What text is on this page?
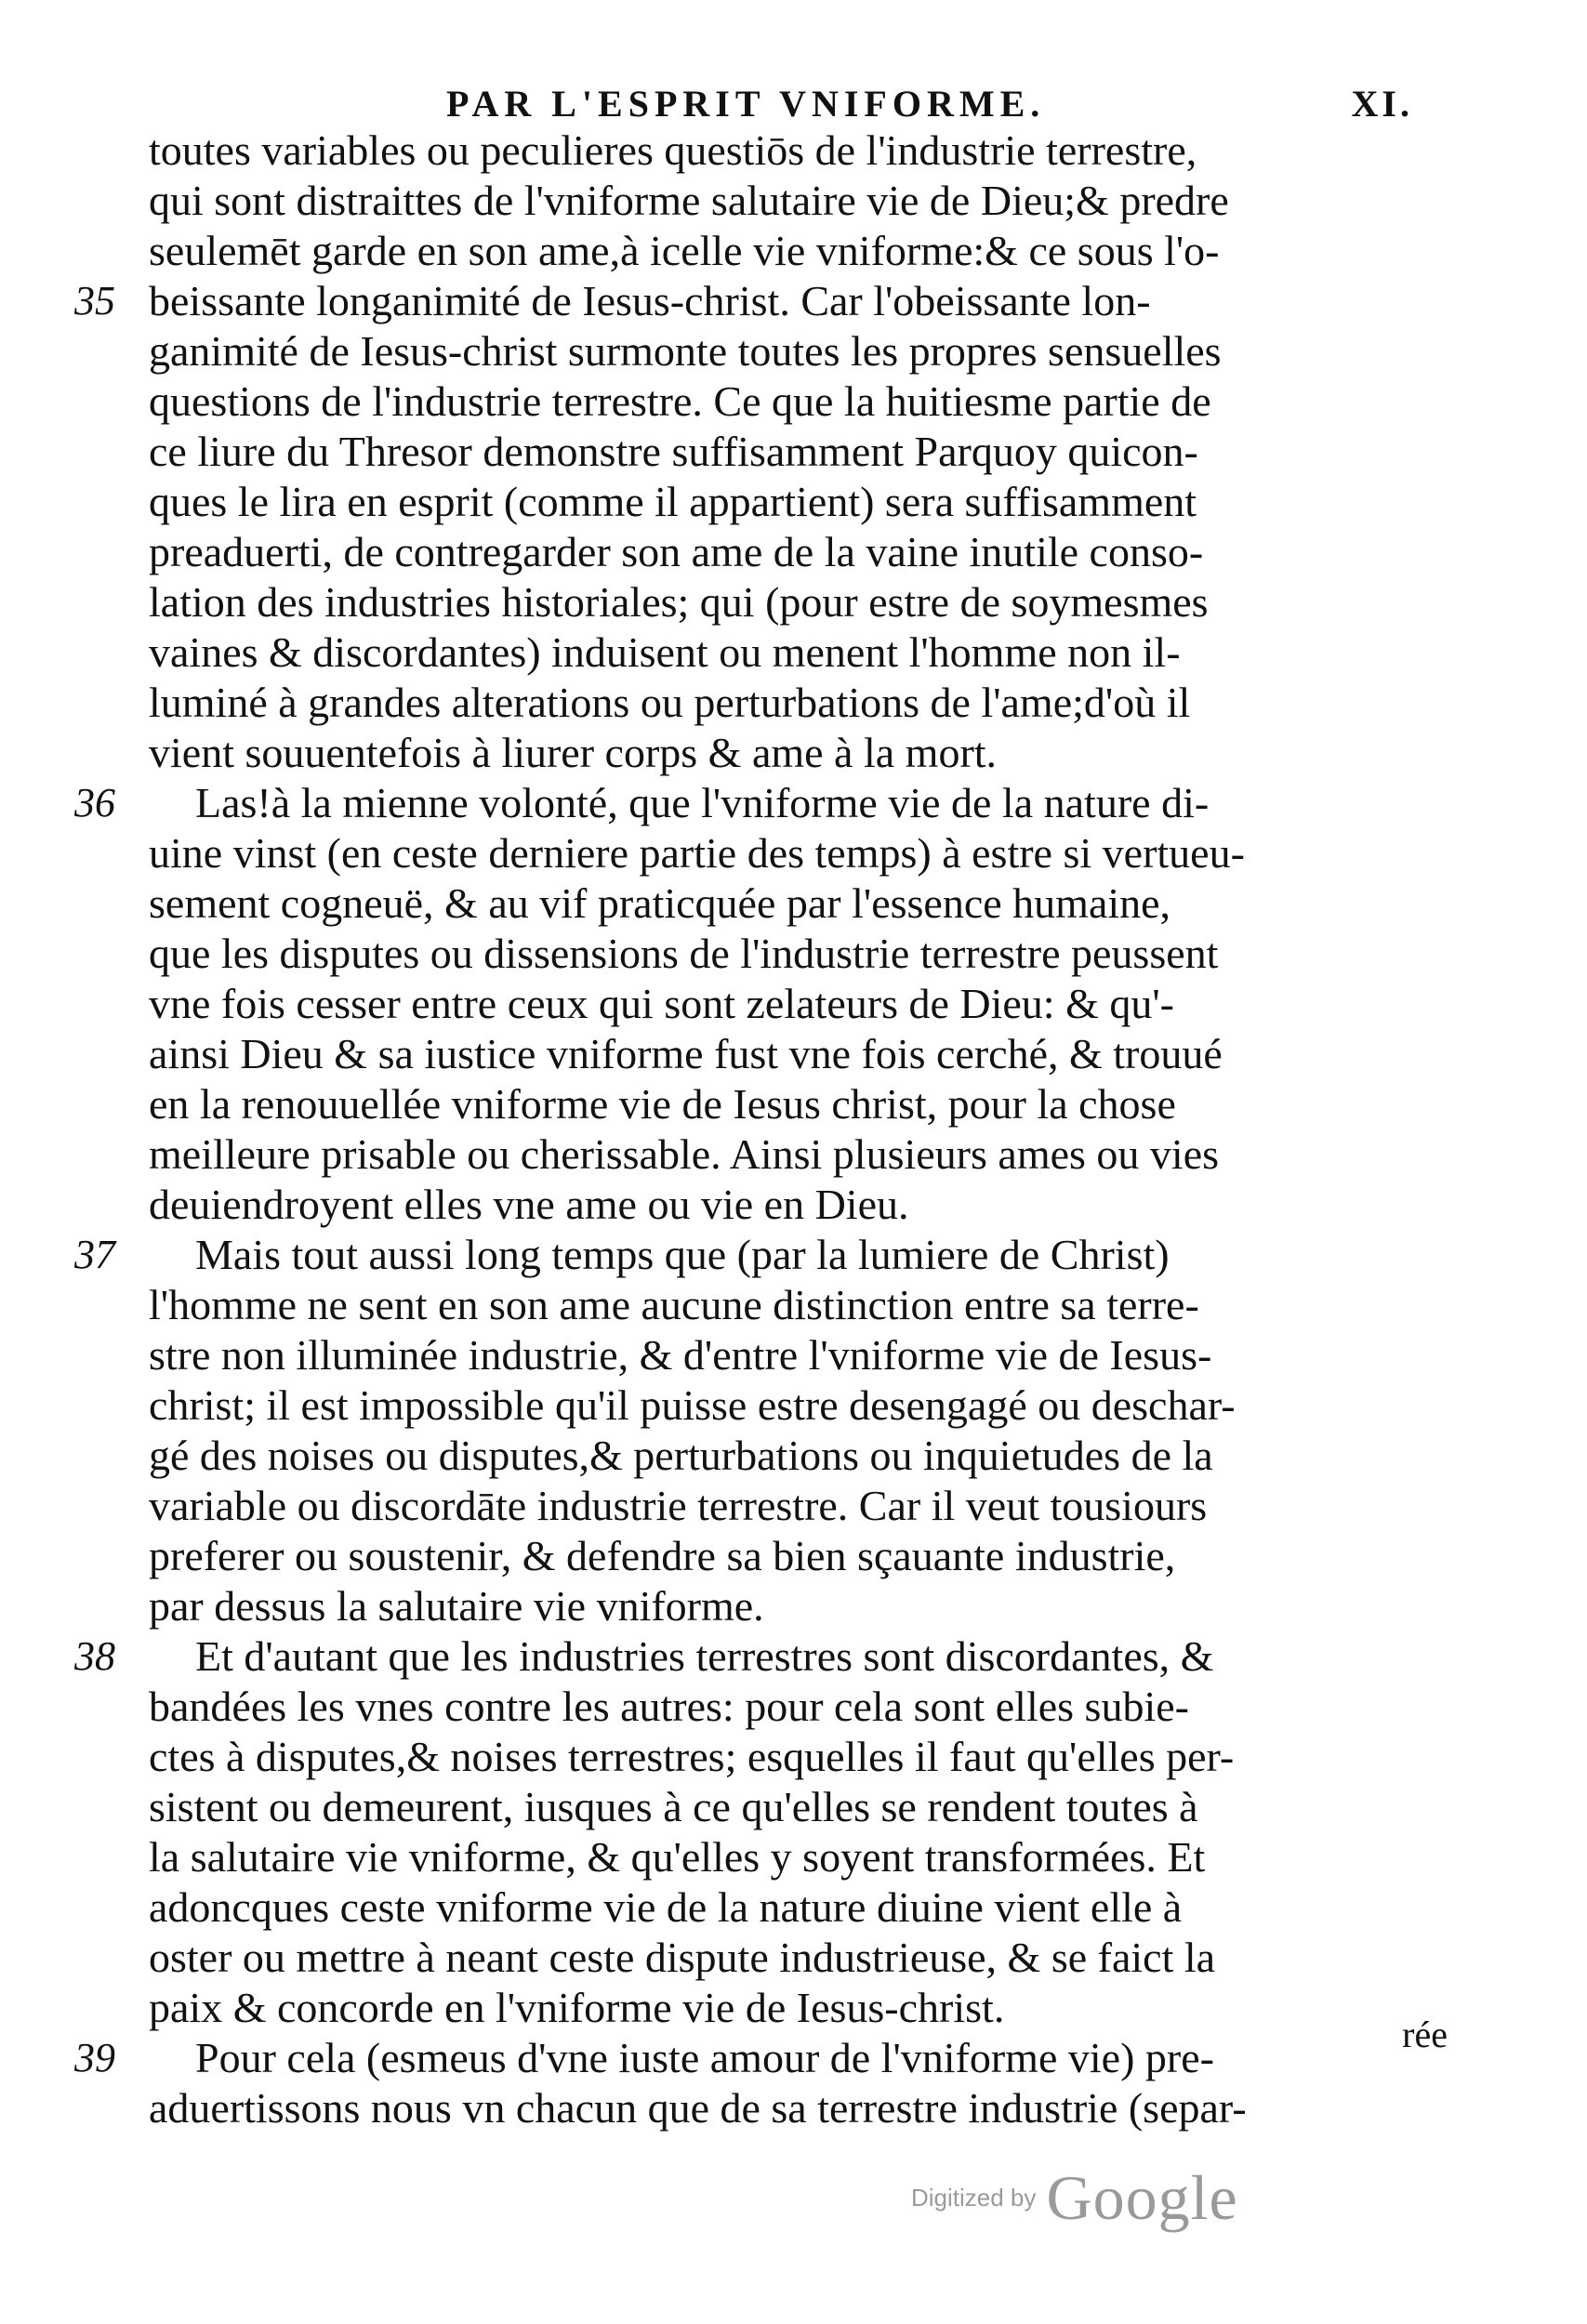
PAR L'ESPRIT VNIFORME.	XI.
toutes variables ou peculieres questiōs de l'industrie terrestre,
qui sont distraittes de l'vniforme salutaire vie de Dieu;& predre
seulemēt garde en son ame,à icelle vie vniforme:& ce sous l'o-
35 beissante longanimité de Iesus-christ. Car l'obeissante lon-
ganimité de Iesus-christ surmonte toutes les propres sensuelles
questions de l'industrie terrestre. Ce que la huitiesme partie de
ce liure du Thresor demonstre suffisamment Parquoy quicon-
ques le lira en esprit (comme il appartient) sera suffisamment
preaduerti, de contregarder son ame de la vaine inutile conso-
lation des industries historiales; qui (pour estre de soymesmes
vaines & discordantes) induisent ou menent l'homme non il-
luminé à grandes alterations ou perturbations de l'ame;d'où il
vient souuentefois à liurer corps & ame à la mort.
36	Las!à la mienne volonté, que l'vniforme vie de la nature di-
uine vinst (en ceste derniere partie des temps) à estre si vertueu-
sement cogneuë, & au vif praticquée par l'essence humaine,
que les disputes ou dissensions de l'industrie terrestre peussent
vne fois cesser entre ceux qui sont zelateurs de Dieu: & qu'-
ainsi Dieu & sa iustice vniforme fust vne fois cerché, & trouué
en la renouuellée vniforme vie de Iesus christ, pour la chose
meilleure prisable ou cherissable. Ainsi plusieurs ames ou vies
deuiendroyent elles vne ame ou vie en Dieu.
37	Mais tout aussi long temps que (par la lumiere de Christ)
l'homme ne sent en son ame aucune distinction entre sa terre-
stre non illuminée industrie, & d'entre l'vniforme vie de Iesus-
christ; il est impossible qu'il puisse estre desengagé ou deschar-
gé des noises ou disputes,& perturbations ou inquietudes de la
variable ou discordāte industrie terrestre. Car il veut tousiours
preferer ou soustenir, & defendre sa bien sçauante industrie,
par dessus la salutaire vie vniforme.
38	Et d'autant que les industries terrestres sont discordantes, &
bandées les vnes contre les autres: pour cela sont elles subie-
ctes à disputes,& noises terrestres; esquelles il faut qu'elles per-
sistent ou demeurent, iusques à ce qu'elles se rendent toutes à
la salutaire vie vniforme, & qu'elles y soyent transformées. Et
adoncques ceste vniforme vie de la nature diuine vient elle à
oster ou mettre à neant ceste dispute industrieuse, & se faict la
paix & concorde en l'vniforme vie de Iesus-christ.
39	Pour cela (esmeus d'vne iuste amour de l'vniforme vie) pre-
aduertissons nous vn chacun que de sa terrestre industrie (separ-
rée
Digitized by Google
